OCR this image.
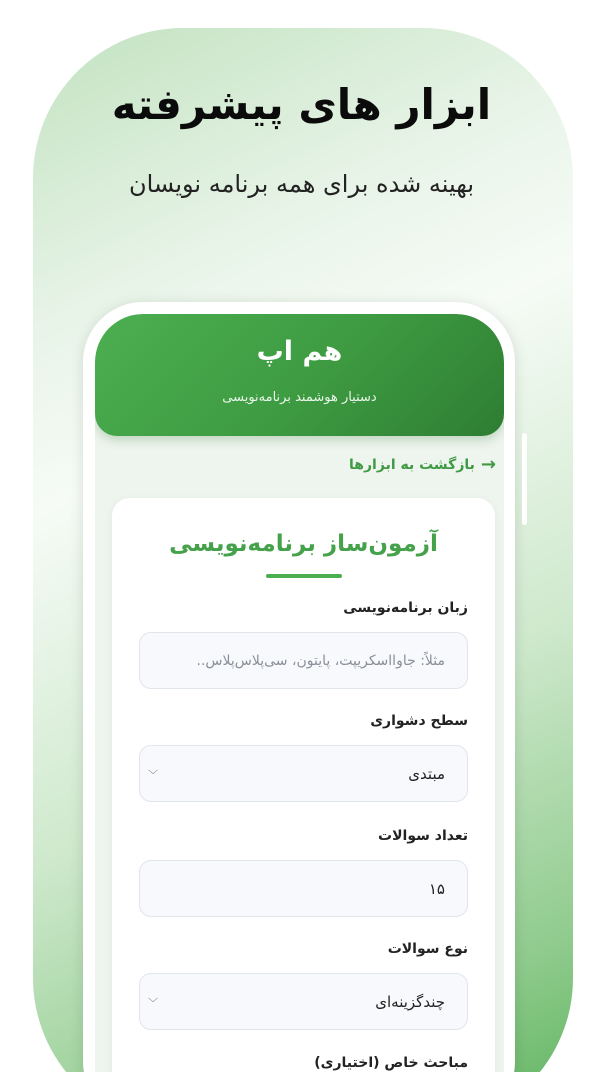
ابزار های پیشرفته
بهینه شده برای همه برنامه نویسان
هم اپ
دستیار هوشمند برنامه‌نویسی
→
بازگشت به ابزارها
آزمون‌ساز برنامه‌نویسی
زبان برنامه‌نویسی
مثلاً: جاوااسکریپت، پایتون، سی‌پلاس‌پلاس..
سطح دشواری
مبتدی
﹀
تعداد سوالات
۱۵
نوع سوالات
چندگزینه‌ای
﹀
مباحث خاص (اختیاری)
